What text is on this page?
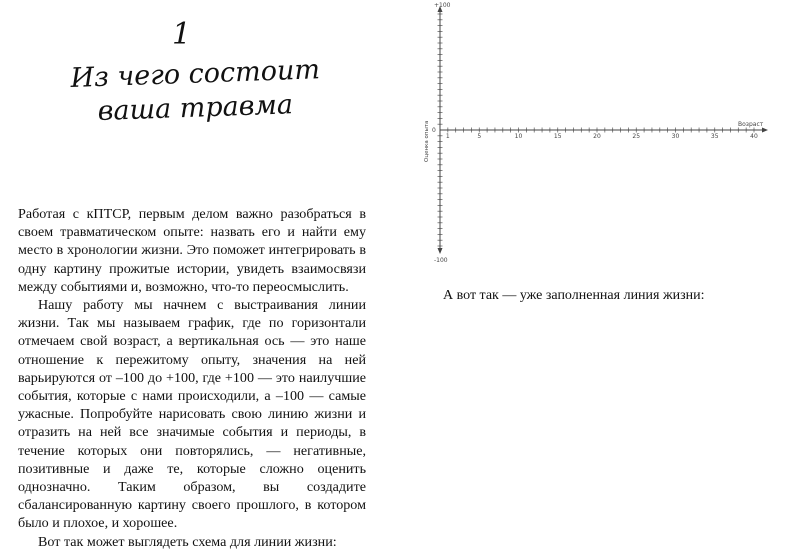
1
Из чего состоит
ваша травма

Работая с кПТСР, первым делом важно разобраться в своем травматическом опыте: назвать его и найти ему место в хронологии жизни. Это поможет интегрировать в одну картину прожитые истории, увидеть взаимосвязи между событиями и, возможно, что-то переосмыслить.

Нашу работу мы начнем с выстраивания линии жизни. Так мы называем график, где по горизонтали отмечаем свой возраст, а вертикальная ось — это наше отношение к пережитому опыту, значения на ней варьируются от –100 до +100, где +100 — это наилучшие события, которые с нами происходили, а –100 — самые ужасные. Попробуйте нарисовать свою линию жизни и отразить на ней все значимые события и периоды, в течение которых они повторялись, — негативные, позитивные и даже те, которые сложно оценить однозначно. Таким образом, вы создадите сбалансированную картину своего прошлого, в котором было и плохое, и хорошее.

Вот так может выглядеть схема для линии жизни:

+100
0
-100
Возраст
Оценка опыта	1	5	10	15	20	25	30	35	40
А вот так — уже заполненная линия жизни:
